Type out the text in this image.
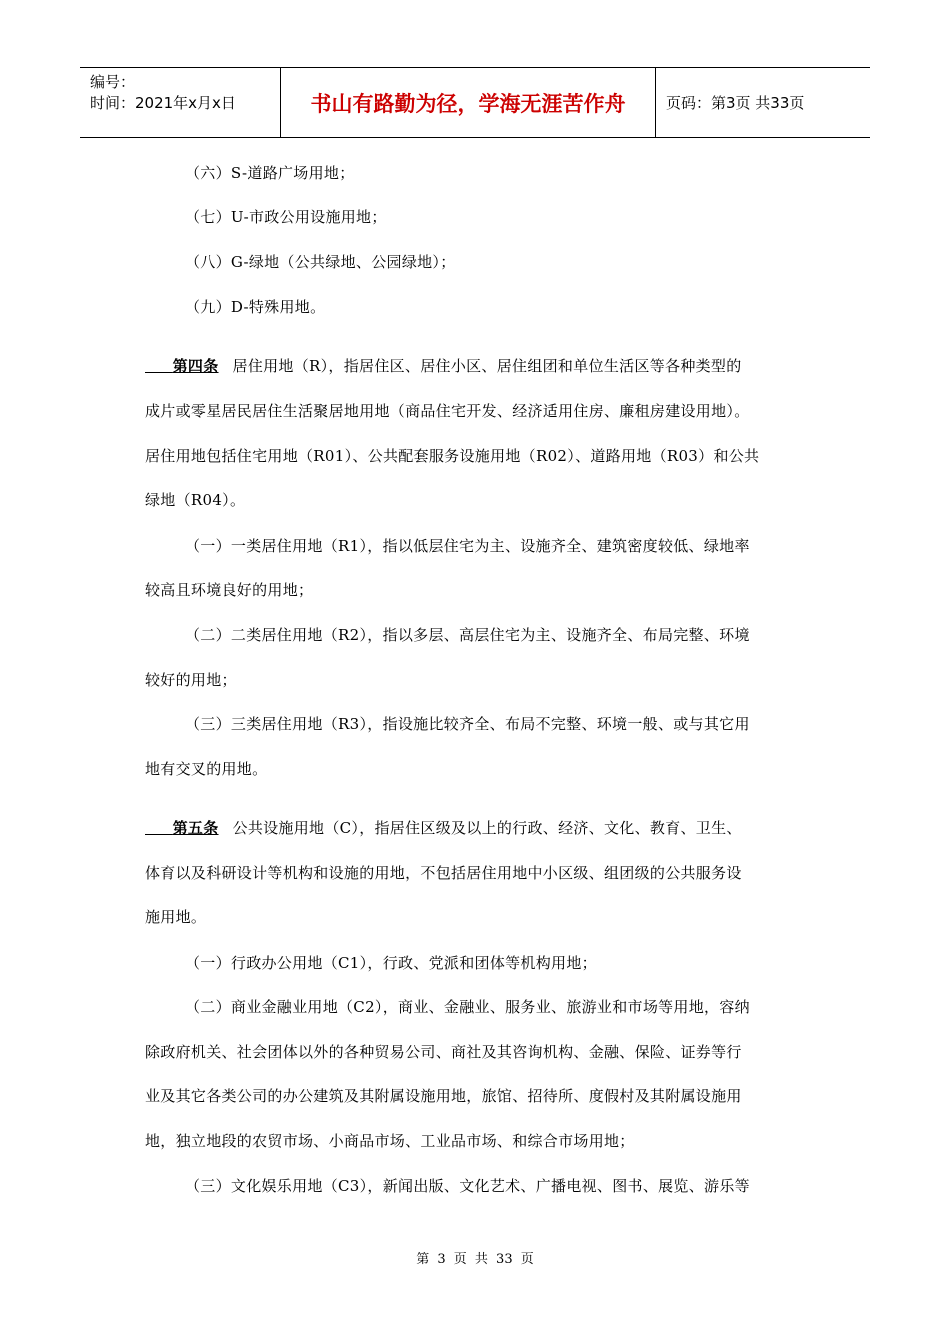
编号：
时间：2021年x月x日	书山有路勤为径，学海无涯苦作舟	页码：第3页 共33页
（六）S-道路广场用地；
（七）U-市政公用设施用地；
（八）G-绿地（公共绿地、公园绿地）；
（九）D-特殊用地。
第四条 居住用地（R），指居住区、居住小区、居住组团和单位生活区等各种类型的
成片或零星居民居住生活聚居地用地（商品住宅开发、经济适用住房、廉租房建设用地）。
居住用地包括住宅用地（R01）、公共配套服务设施用地（R02）、道路用地（R03）和公共
绿地（R04）。
（一）一类居住用地（R1），指以低层住宅为主、设施齐全、建筑密度较低、绿地率
较高且环境良好的用地；
（二）二类居住用地（R2），指以多层、高层住宅为主、设施齐全、布局完整、环境
较好的用地；
（三）三类居住用地（R3），指设施比较齐全、布局不完整、环境一般、或与其它用
地有交叉的用地。
第五条 公共设施用地（C），指居住区级及以上的行政、经济、文化、教育、卫生、
体育以及科研设计等机构和设施的用地，不包括居住用地中小区级、组团级的公共服务设
施用地。
（一）行政办公用地（C1），行政、党派和团体等机构用地；
（二）商业金融业用地（C2），商业、金融业、服务业、旅游业和市场等用地，容纳
除政府机关、社会团体以外的各种贸易公司、商社及其咨询机构、金融、保险、证券等行
业及其它各类公司的办公建筑及其附属设施用地，旅馆、招待所、度假村及其附属设施用
地，独立地段的农贸市场、小商品市场、工业品市场、和综合市场用地；
（三）文化娱乐用地（C3），新闻出版、文化艺术、广播电视、图书、展览、游乐等
第 3 页 共 33 页
